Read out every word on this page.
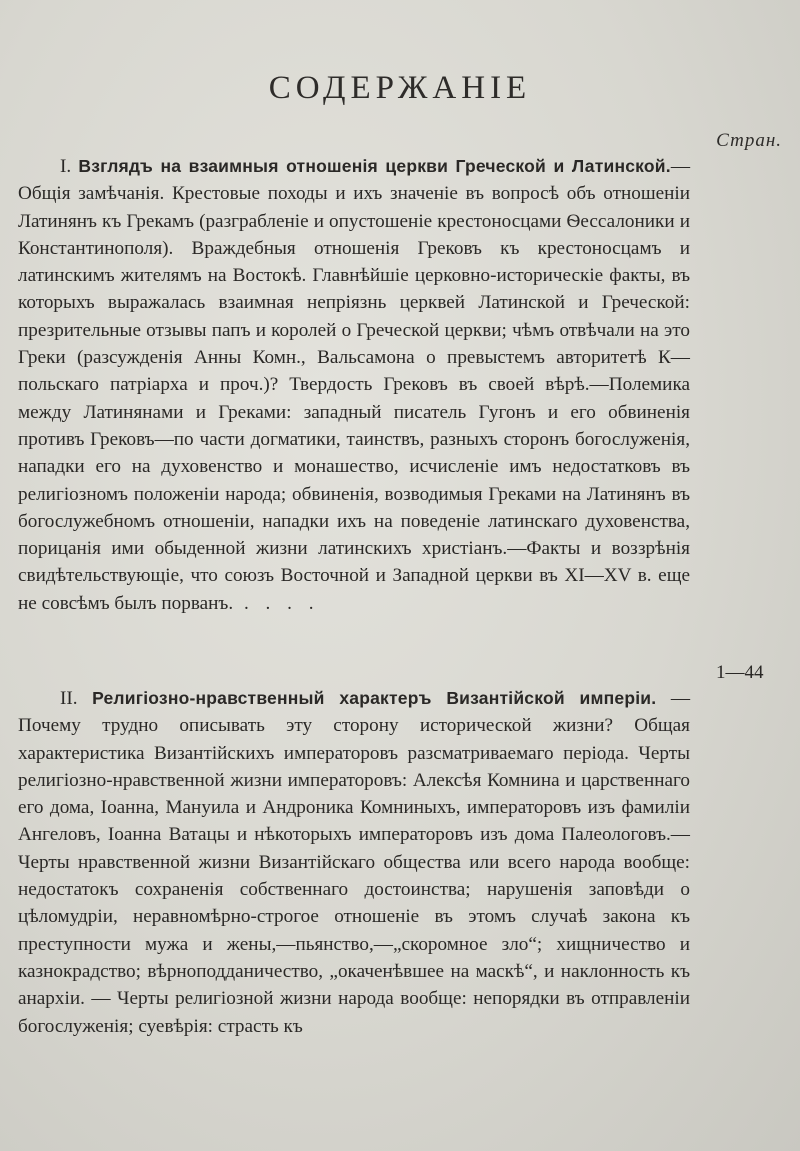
СОДЕРЖАНІЕ
Стран.

I. Взглядъ на взаимныя отношенія церкви Греческой и Латинской.—Общія замѣчанія. Крестовые походы и ихъ значеніе въ вопросѣ объ отношеніи Латинянъ къ Грекамъ (разграбленіе и опустошеніе крестоносцами Ѳессалоники и Константинополя). Враждебныя отношенія Грековъ къ крестоносцамъ и латинскимъ жителямъ на Востокѣ. Главнѣйшіе церковно-историческіе факты, въ которыхъ выражалась взаимная непріязнь церквей Латинской и Греческой: презрительные отзывы папъ и королей о Греческой церкви; чѣмъ отвѣчали на это Греки (разсужденія Анны Комн., Вальсамона о превыстемъ авторитетѣ К—польскаго патріарха и проч.)? Твердость Грековъ въ своей вѣрѣ.—Полемика между Латинянами и Греками: западный писатель Гугонъ и его обвиненія противъ Грековъ—по части догматики, таинствъ, разныхъ сторонъ богослуженія, нападки его на духовенство и монашество, исчисленіе имъ недостатковъ въ религіозномъ положеніи народа; обвиненія, возводимыя Греками на Латинянъ въ богослужебномъ отношеніи, нападки ихъ на поведеніе латинскаго духовенства, порицанія ими обыденной жизни латинскихъ христіанъ.—Факты и воззрѣнія свидѣтельствующіе, что союзъ Восточной и Западной церкви въ XI—XV в. еще не совсѣмъ былъ порванъ. . . . .

1—44

II. Религіозно-нравственный характеръ Византійской имперіи. — Почему трудно описывать эту сторону исторической жизни? Общая характеристика Византійскихъ императоровъ разсматриваемаго періода. Черты религіозно-нравственной жизни императоровъ: Алексѣя Комнина и царственнаго его дома, Іоанна, Мануила и Андроника Комниныхъ, императоровъ изъ фамиліи Ангеловъ, Іоанна Ватацы и нѣкоторыхъ императоровъ изъ дома Палеологовъ.—Черты нравственной жизни Византійскаго общества или всего народа вообще: недостатокъ сохраненія собственнаго достоинства; нарушенія заповѣди о цѣломудріи, неравномѣрно-строгое отношеніе въ этомъ случаѣ закона къ преступности мужа и жены,—пьянство,—„скоромное зло“; хищничество и казнокрадство; вѣрноподданичество, „окаченѣвшее на маскѣ“, и наклонность къ анархіи. — Черты религіозной жизни народа вообще: непорядки въ отправленіи богослуженія; суевѣрія: страсть къ
